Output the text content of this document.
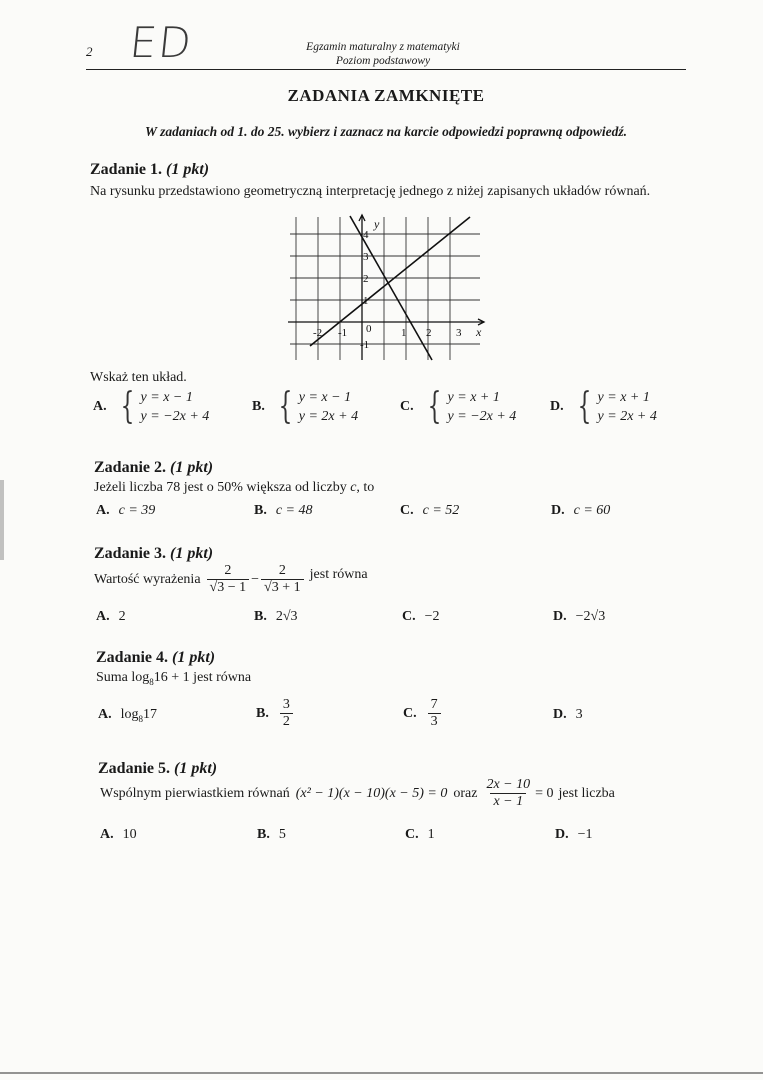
ED
2	Egzamin maturalny z matematyki
Poziom podstawowy
ZADANIA ZAMKNIĘTE
W zadaniach od 1. do 25. wybierz i zaznacz na karcie odpowiedzi poprawną odpowiedź.
Zadanie 1. (1 pkt)
Na rysunku przedstawiono geometryczną interpretację jednego z niżej zapisanych układów równań.
y
x
-2 -1 0	1 2 3
4
3
2
1
-1
Wskaż ten układ.
A. { y = x − 1
y = −2x + 4
B. { y = x − 1
y = 2x + 4
C. { y = x + 1
y = −2x + 4
D. { y = x + 1
y = 2x + 4
Zadanie 2. (1 pkt)
Jeżeli liczba 78 jest o 50% większa od liczby c, to
A. c = 39	B. c = 48	C. c = 52	D. c = 60
Zadanie 3. (1 pkt)
Wartość wyrażenia $\frac{2}{√3 - 1} - \frac{2}{√3 + 1}$ jest równa
A. 2	B. 2√3	C. −2	D. −2√3
Zadanie 4. (1 pkt)
Suma $\log_816 + 1$ jest równa
A. $\log_817$	B. $\frac{3}{2}$	C. $\frac{7}{3}$	D. 3
Zadanie 5. (1 pkt)
Wspólnym pierwiastkiem równań (x² − 1)(x − 10)(x − 5) = 0 oraz $\frac{2x - 10}{x - 1} = 0$ jest liczba
A. 10	B. 5	C. 1	D. −1
